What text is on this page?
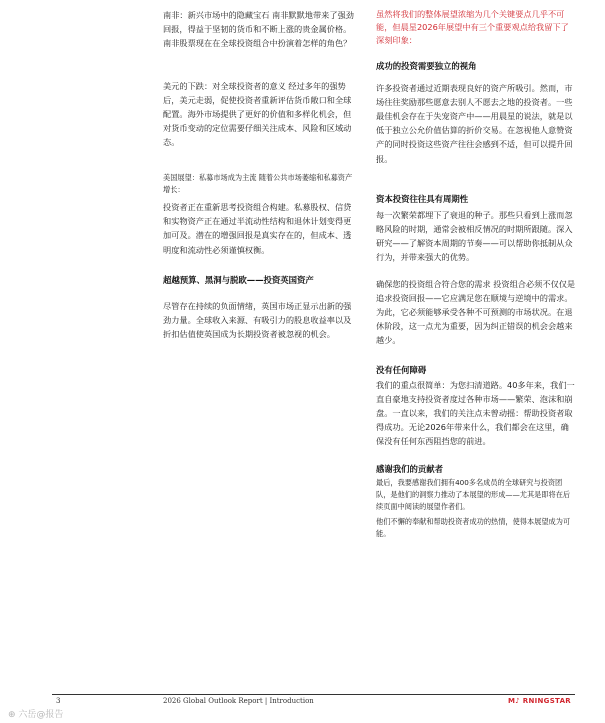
南非：新兴市场中的隐藏宝石 南非默默地带来了强劲回报，得益于坚韧的货币和不断上涨的贵金属价格。南非股票现在在全球投资组合中扮演着怎样的角色？

美元的下跌：对全球投资者的意义 经过多年的强势后，美元走弱，促使投资者重新评估货币敞口和全球配置。海外市场提供了更好的价值和多样化机会，但对货币变动的定位需要仔细关注成本、风险和区域动态。

美国展望：私募市场成为主流 随着公共市场萎缩和私募资产增长：

投资者正在重新思考投资组合构建。私募股权、信贷和实物资产正在通过半流动性结构和退休计划变得更加可及。潜在的增强回报是真实存在的，但成本、透明度和流动性必须谨慎权衡。

超越预算、黑洞与脱欧——投资英国资产

尽管存在持续的负面情绪，英国市场正显示出新的强劲力量。全球收入来源、有吸引力的股息收益率以及折扣估值使英国成为长期投资者被忽视的机会。

虽然将我们的整体展望浓缩为几个关键要点几乎不可能，但晨星2026年展望中有三个重要观点给我留下了深刻印象：

成功的投资需要独立的视角

许多投资者通过近期表现良好的资产所吸引。然而，市场往往奖励那些愿意去别人不愿去之地的投资者。一些最佳机会存在于失宠资产中——用晨星的说法，就是以低于独立公允价值估算的折价交易。在忽视他人意赞资产的同时投资这些资产往往会感到不适，但可以提升回报。

资本投资往往具有周期性

每一次繁荣都埋下了衰退的种子。那些只看到上涨而忽略风险的时期，通常会被相反情况的时期所跟随。深入研究——了解资本周期的节奏——可以帮助你抵制从众行为，并带来强大的优势。

确保您的投资组合符合您的需求 投资组合必须不仅仅是追求投资回报——它应满足您在顺境与逆境中的需求。为此，它必须能够承受各种不可预测的市场状况。在退休阶段，这一点尤为重要，因为纠正错误的机会会越来越少。

没有任何障碍

我们的重点很简单：为您扫清道路。40多年来，我们一直自豪地支持投资者度过各种市场——繁荣、泡沫和崩盘。一直以来，我们的关注点未曾动摇：帮助投资者取得成功。无论2026年带来什么，我们都会在这里，确保没有任何东西阻挡您的前进。

感谢我们的贡献者

最后，我要感谢我们拥有400多名成员的全球研究与投资团队，是他们的洞察力推动了本展望的形成——尤其是即将在后续页面中阅读的展望作者们。

他们不懈的奉献和帮助投资者成功的热情，使得本展望成为可能。

3	2026 Global Outlook Report | Introduction	M♪ RNINGSTAR
⊕ 六岳@报告
